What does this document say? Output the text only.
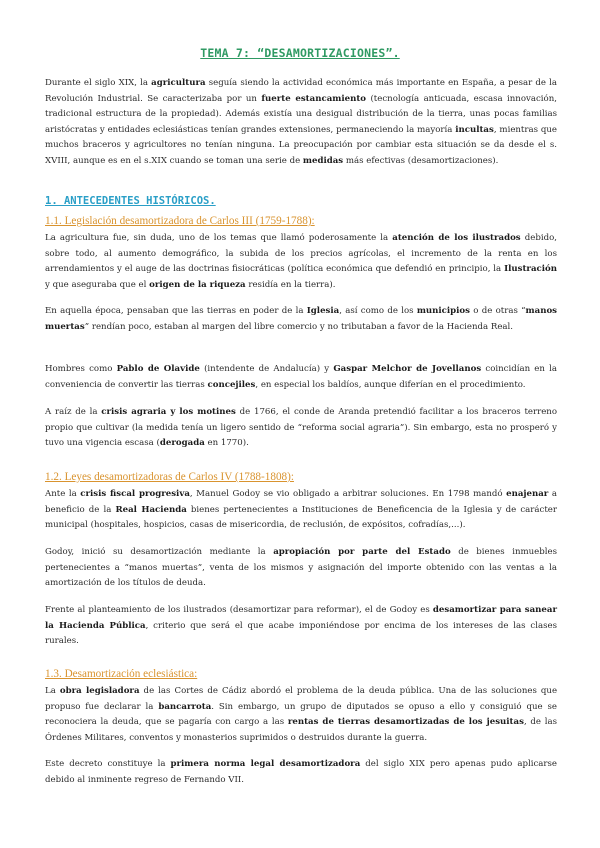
TEMA 7: “DESAMORTIZACIONES”.

Durante el siglo XIX, la agricultura seguía siendo la actividad económica más importante en España, a pesar de la Revolución Industrial. Se caracterizaba por un fuerte estancamiento (tecnología anticuada, escasa innovación, tradicional estructura de la propiedad). Además existía una desigual distribución de la tierra, unas pocas familias aristócratas y entidades eclesiásticas tenían grandes extensiones, permaneciendo la mayoría incultas, mientras que muchos braceros y agricultores no tenían ninguna. La preocupación por cambiar esta situación se da desde el s. XVIII, aunque es en el s.XIX cuando se toman una serie de medidas más efectivas (desamortizaciones).

1. ANTECEDENTES HISTÓRICOS.
1.1. Legislación desamortizadora de Carlos III (1759-1788):

La agricultura fue, sin duda, uno de los temas que llamó poderosamente la atención de los ilustrados debido, sobre todo, al aumento demográfico, la subida de los precios agrícolas, el incremento de la renta en los arrendamientos y el auge de las doctrinas fisiocráticas (política económica que defendió en principio, la Ilustración y que aseguraba que el origen de la riqueza residía en la tierra).

En aquella época, pensaban que las tierras en poder de la Iglesia, así como de los municipios o de otras “manos muertas” rendían poco, estaban al margen del libre comercio y no tributaban a favor de la Hacienda Real.

Hombres como Pablo de Olavide (intendente de Andalucía) y Gaspar Melchor de Jovellanos coincidían en la conveniencia de convertir las tierras concejiles, en especial los baldíos, aunque diferían en el procedimiento.

A raíz de la crisis agraria y los motines de 1766, el conde de Aranda pretendió facilitar a los braceros terreno propio que cultivar (la medida tenía un ligero sentido de “reforma social agraria”). Sin embargo, esta no prosperó y tuvo una vigencia escasa (derogada en 1770).

1.2. Leyes desamortizadoras de Carlos IV (1788-1808):

Ante la crisis fiscal progresiva, Manuel Godoy se vio obligado a arbitrar soluciones. En 1798 mandó enajenar a beneficio de la Real Hacienda bienes pertenecientes a Instituciones de Beneficencia de la Iglesia y de carácter municipal (hospitales, hospicios, casas de misericordia, de reclusión, de expósitos, cofradías,...).

Godoy, inició su desamortización mediante la apropiación por parte del Estado de bienes inmuebles pertenecientes a “manos muertas”, venta de los mismos y asignación del importe obtenido con las ventas a la amortización de los títulos de deuda.

Frente al planteamiento de los ilustrados (desamortizar para reformar), el de Godoy es desamortizar para sanear la Hacienda Pública, criterio que será el que acabe imponiéndose por encima de los intereses de las clases rurales.

1.3. Desamortización eclesiástica:

La obra legisladora de las Cortes de Cádiz abordó el problema de la deuda pública. Una de las soluciones que propuso fue declarar la bancarrota. Sin embargo, un grupo de diputados se opuso a ello y consiguió que se reconociera la deuda, que se pagaría con cargo a las rentas de tierras desamortizadas de los jesuitas, de las Órdenes Militares, conventos y monasterios suprimidos o destruidos durante la guerra.

Este decreto constituye la primera norma legal desamortizadora del siglo XIX pero apenas pudo aplicarse debido al inminente regreso de Fernando VII.
